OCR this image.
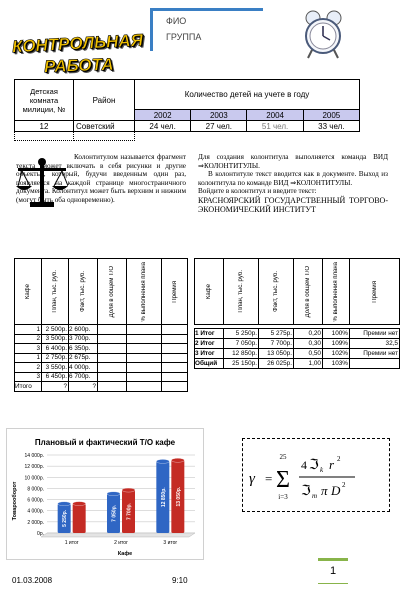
ФИО
ГРУППА
КОНТРОЛЬНАЯ
РАБОТА
Детская комната милиции, №	Район	Количество детей на учете в году			
		2002	2003	2004	2005
12	Советский	24 чел.	27 чел.	51 чел.	33 чел.

Колонтитулом называется фрагмент текста (может включать в себя рисунки и другие объекты), который, будучи введенным один раз, появляется на каждой странице многостраничного документа. Колонтитул может быть верхним и нижним (могут быть оба одновременно).
Для создания колонтитула выполняется команда ВИД ⇒КОЛОНТИТУЛЫ.
В колонтитуле текст вводится как в документе. Выход из колонтитула по команде ВИД ⇒КОЛОНТИТУЛЫ.
Войдите в колонтитул и введите текст:
КРАСНОЯРСКИЙ ГОСУДАРСТВЕННЫЙ ТОРГОВО-ЭКОНОМИЧЕСКИЙ ИНСТИТУТ
Кафе	План, тыс. руб.	Факт, тыс. руб.	Доля в общем Т/О	% выполнения плана	Премия

1	2 500р.	2 600р.			
2	3 500р.	3 700р.			
3	6 400р.	6 350р.			
1	2 750р.	2 675р.			
2	3 550р.	4 000р.			
3	6 450р.	6 700р.			
Итого	?	?			
Кафе	План, тыс. руб.	Факт, тыс. руб.	Доля в общем Т/О	% выполнения плана	Премия

1 Итог	5 250р.	5 275р.	0,20	100%	Премии нет
2 Итог	7 050р.	7 700р.	0,30	109%	32,5
3 Итог	12 850р.	13 050р.	0,50	102%	Премии нет
Общий	25 150р.	26 025р.	1,00	103%	
Плановый и фактический Т/О кафе
Товарооборот
Кафе
0р.
2 000р.
4 000р.
6 000р.
8 000р.
10 000р.
12 000р.
14 000р.
5 250р.
1 итог
7 050р. 7 700р.
2 итог
12 850р. 13 050р.
3 итог
γ =
25
Σ
i=3
4 ℑ k r 2
ℑ m π D 2
01.03.2008	9:10
1
